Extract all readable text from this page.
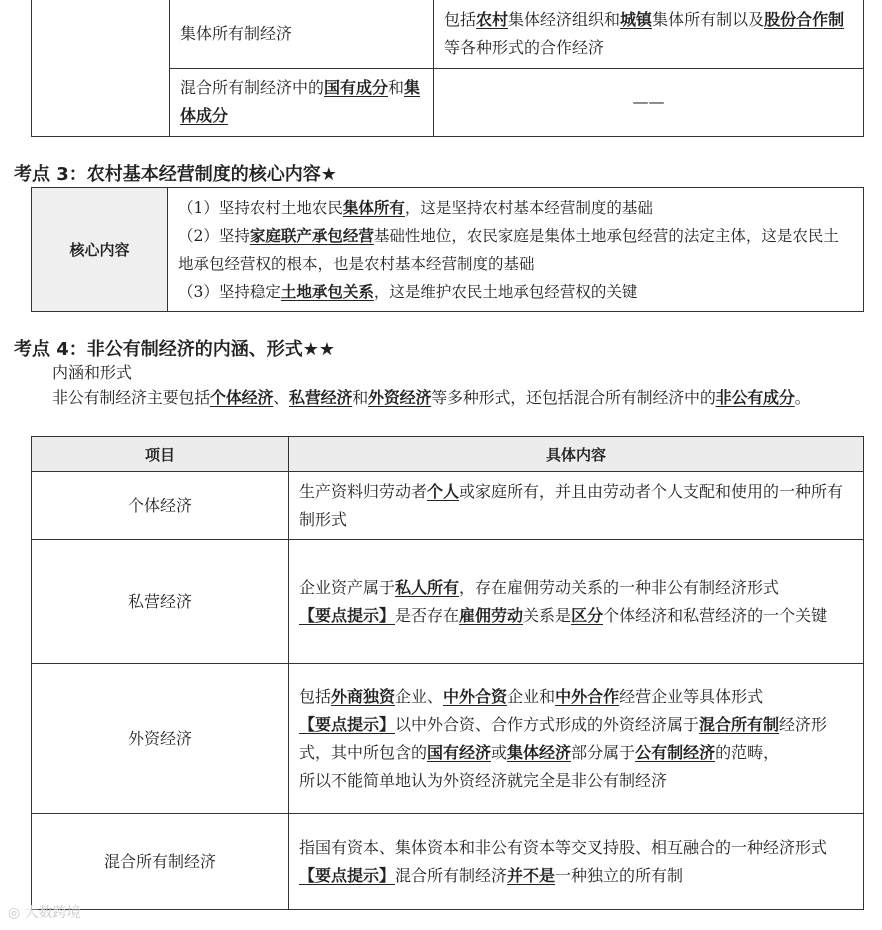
	集体所有制经济	包括农村集体经济组织和城镇集体所有制以及股份合作制等各种形式的合作经济
	混合所有制经济中的国有成分和集体成分	——
考点 3：农村基本经营制度的核心内容★
核心内容	
（1）坚持农村土地农民集体所有，这是坚持农村基本经营制度的基础
（2）坚持家庭联产承包经营基础性地位，农民家庭是集体土地承包经营的法定主体，这是农民土地承包经营权的根本，也是农村基本经营制度的基础
（3）坚持稳定土地承包关系，这是维护农民土地承包经营权的关键
考点 4：非公有制经济的内涵、形式★★

内涵和形式

非公有制经济主要包括个体经济、私营经济和外资经济等多种形式，还包括混合所有制经济中的非公有成分。

项目	具体内容
个体经济	生产资料归劳动者个人或家庭所有，并且由劳动者个人支配和使用的一种所有制形式
私营经济	企业资产属于私人所有，存在雇佣劳动关系的一种非公有制经济形式
【要点提示】是否存在雇佣劳动关系是区分个体经济和私营经济的一个关键

外资经济	包括外商独资企业、中外合资企业和中外合作经营企业等具体形式
【要点提示】以中外合资、合作方式形成的外资经济属于混合所有制经济形式，其中所包含的国有经济或集体经济部分属于公有制经济的范畴，
所以不能简单地认为外资经济就完全是非公有制经济

混合所有制经济	指国有资本、集体资本和非公有资本等交叉持股、相互融合的一种经济形式
【要点提示】混合所有制经济并不是一种独立的所有制
◎ 大数跨境
